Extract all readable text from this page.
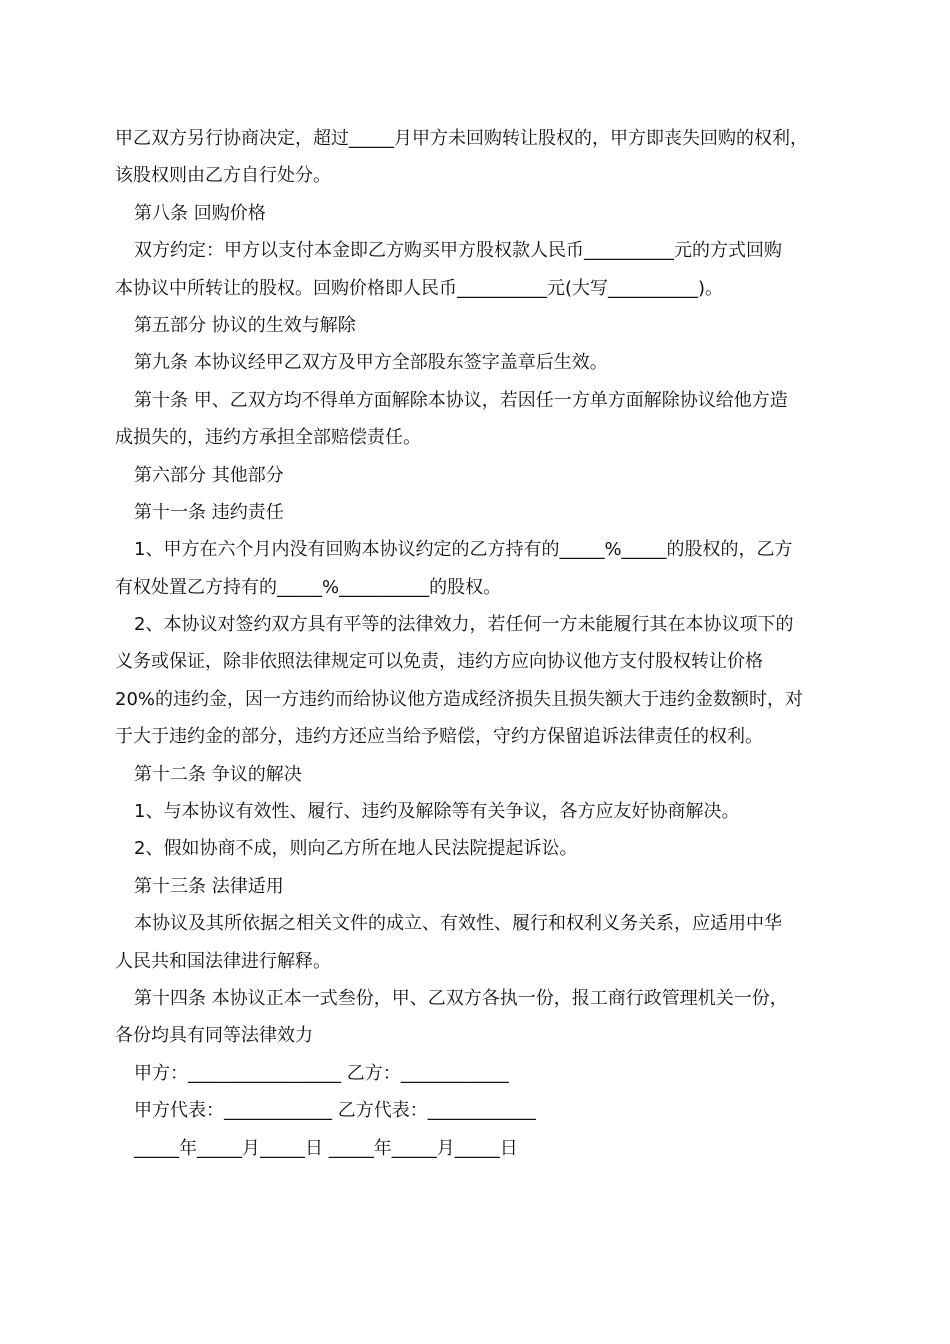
甲乙双方另行协商决定，超过_____月甲方未回购转让股权的，甲方即丧失回购的权利，
该股权则由乙方自行处分。
第八条 回购价格
双方约定：甲方以支付本金即乙方购买甲方股权款人民币__________元的方式回购
本协议中所转让的股权。回购价格即人民币__________元(大写__________)。
第五部分 协议的生效与解除
第九条 本协议经甲乙双方及甲方全部股东签字盖章后生效。
第十条 甲、乙双方均不得单方面解除本协议，若因任一方单方面解除协议给他方造
成损失的，违约方承担全部赔偿责任。
第六部分 其他部分
第十一条 违约责任
1、甲方在六个月内没有回购本协议约定的乙方持有的_____%_____的股权的，乙方
有权处置乙方持有的_____%__________的股权。
2、本协议对签约双方具有平等的法律效力，若任何一方未能履行其在本协议项下的
义务或保证，除非依照法律规定可以免责，违约方应向协议他方支付股权转让价格
20%的违约金，因一方违约而给协议他方造成经济损失且损失额大于违约金数额时，对
于大于违约金的部分，违约方还应当给予赔偿，守约方保留追诉法律责任的权利。
第十二条 争议的解决
1、与本协议有效性、履行、违约及解除等有关争议，各方应友好协商解决。
2、假如协商不成，则向乙方所在地人民法院提起诉讼。
第十三条 法律适用
本协议及其所依据之相关文件的成立、有效性、履行和权利义务关系，应适用中华
人民共和国法律进行解释。
第十四条 本协议正本一式叁份，甲、乙双方各执一份，报工商行政管理机关一份，
各份均具有同等法律效力
甲方：_________________ 乙方：____________
甲方代表：____________ 乙方代表：____________
_____年_____月_____日 _____年_____月_____日
